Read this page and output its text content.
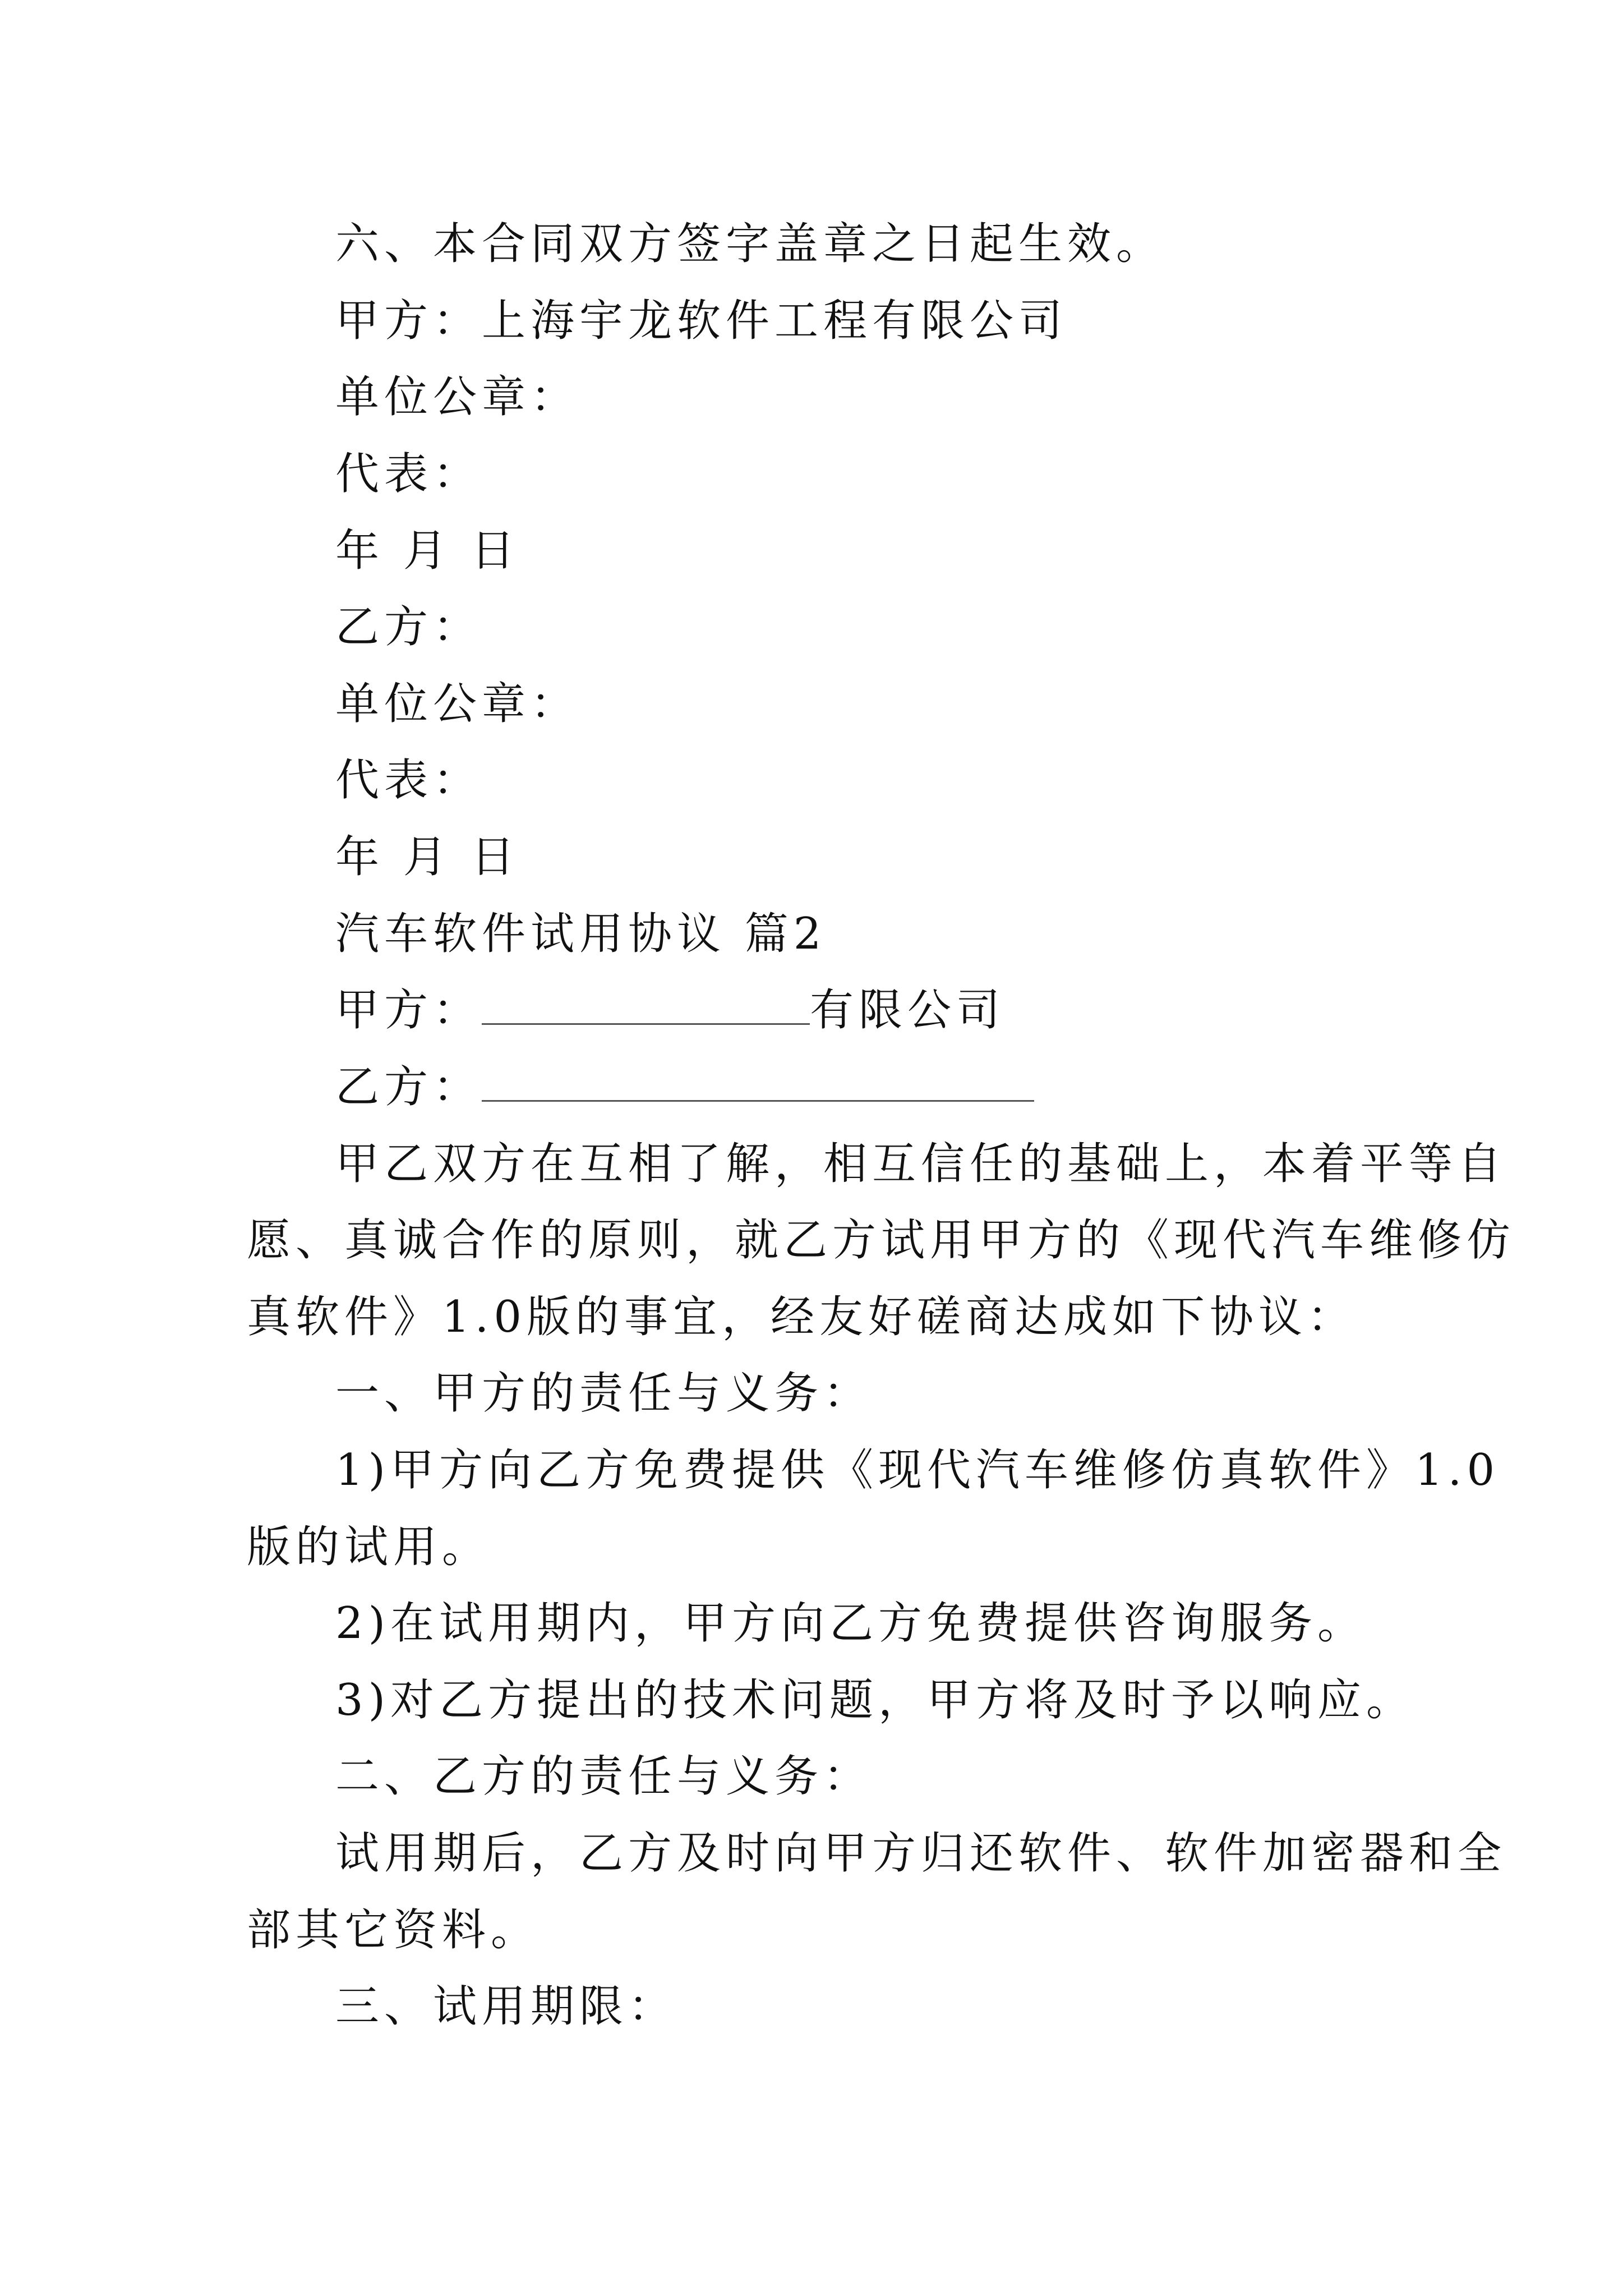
六、本合同双方签字盖章之日起生效。
甲方：上海宇龙软件工程有限公司
单位公章：
代表：
年 月 日
乙方：
单位公章：
代表：
年 月 日
汽车软件试用协议 篇2
甲方：	有限公司
乙方：
甲乙双方在互相了解，相互信任的基础上，本着平等自
愿、真诚合作的原则，就乙方试用甲方的《现代汽车维修仿
真软件》1.0版的事宜，经友好磋商达成如下协议：
一、甲方的责任与义务：
1)甲方向乙方免费提供《现代汽车维修仿真软件》1.0
版的试用。
2)在试用期内，甲方向乙方免费提供咨询服务。
3)对乙方提出的技术问题，甲方将及时予以响应。
二、乙方的责任与义务：
试用期后，乙方及时向甲方归还软件、软件加密器和全
部其它资料。
三、试用期限：
